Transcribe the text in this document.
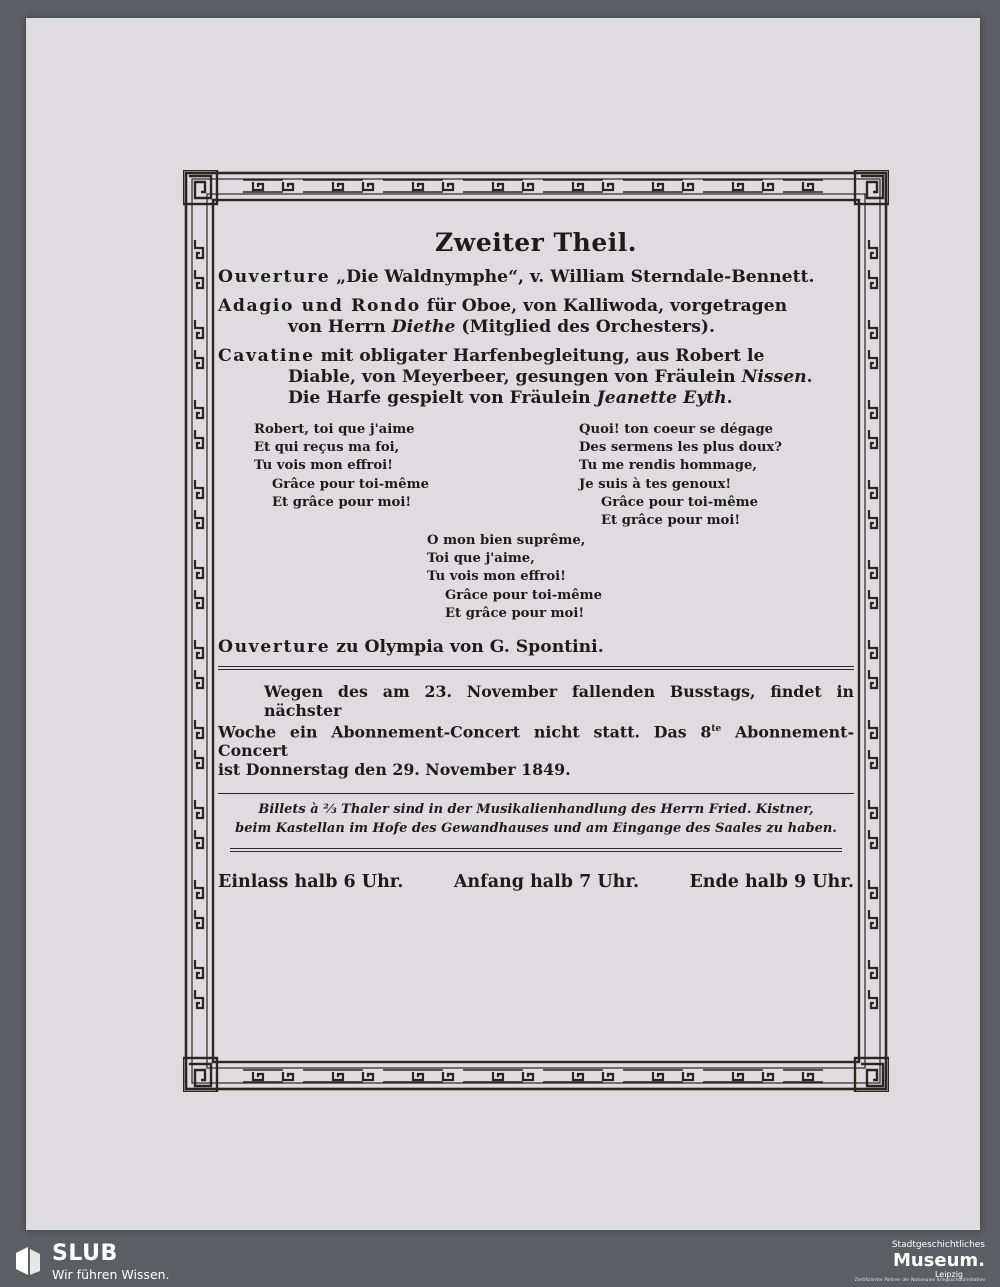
Zweiter Theil.
Ouverture „Die Waldnymphe“, v. William Sterndale-Bennett.
Adagio und Rondo für Oboe, von Kalliwoda, vorgetragen
von Herrn Diethe (Mitglied des Orchesters).
Cavatine mit obligater Harfenbegleitung, aus Robert le
Diable, von Meyerbeer, gesungen von Fräulein Nissen.
Die Harfe gespielt von Fräulein Jeanette Eyth.
Robert, toi que j'aime
Et qui reçus ma foi,
Tu vois mon effroi!
Grâce pour toi-même
Et grâce pour moi!
Quoi! ton coeur se dégage
Des sermens les plus doux?
Tu me rendis hommage,
Je suis à tes genoux!
Grâce pour toi-même
Et grâce pour moi!
O mon bien suprême,
Toi que j'aime,
Tu vois mon effroi!
Grâce pour toi-même
Et grâce pour moi!
Ouverture zu Olympia von G. Spontini.
Wegen des am 23. November fallenden Busstags, findet in nächster
Woche ein Abonnement-Concert nicht statt. Das $8^{te}$ Abonnement-Concert
ist Donnerstag den 29. November 1849.
Billets à ⅔ Thaler sind in der Musikalienhandlung des Herrn Fried. Kistner,
beim Kastellan im Hofe des Gewandhauses und am Eingange des Saales zu haben.
Einlass halb 6 Uhr.	Anfang halb 7 Uhr.	Ende halb 9 Uhr.
SLUB
Wir führen Wissen.
Stadtgeschichtliches
Museum.
Leipzig
Zertifizierter Partner der Nationalen Kriegsschutzinitiative
